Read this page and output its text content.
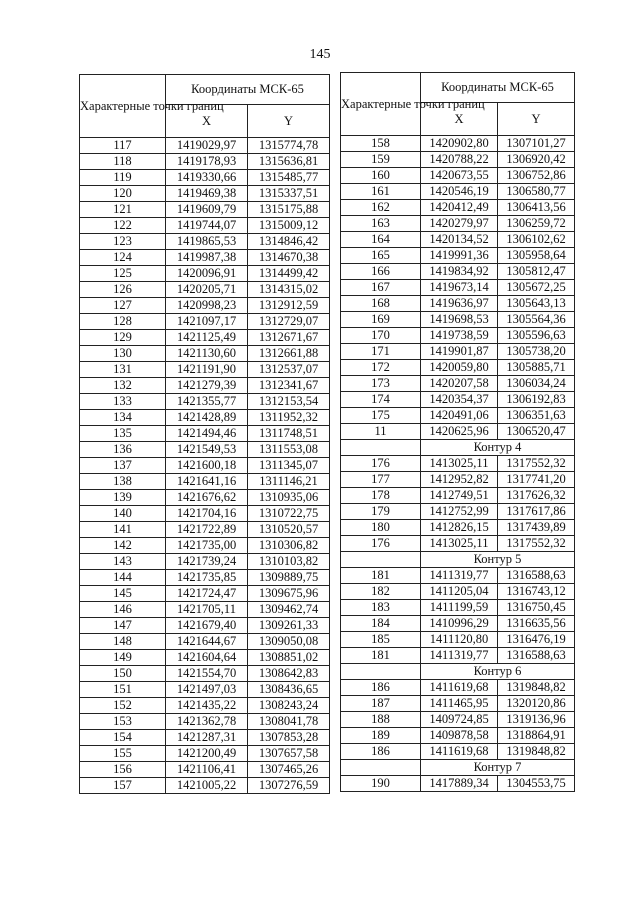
145
Характерные точки границ	Координаты МСК-65	
	X	Y
117	1419029,97	1315774,78
118	1419178,93	1315636,81
119	1419330,66	1315485,77
120	1419469,38	1315337,51
121	1419609,79	1315175,88
122	1419744,07	1315009,12
123	1419865,53	1314846,42
124	1419987,38	1314670,38
125	1420096,91	1314499,42
126	1420205,71	1314315,02
127	1420998,23	1312912,59
128	1421097,17	1312729,07
129	1421125,49	1312671,67
130	1421130,60	1312661,88
131	1421191,90	1312537,07
132	1421279,39	1312341,67
133	1421355,77	1312153,54
134	1421428,89	1311952,32
135	1421494,46	1311748,51
136	1421549,53	1311553,08
137	1421600,18	1311345,07
138	1421641,16	1311146,21
139	1421676,62	1310935,06
140	1421704,16	1310722,75
141	1421722,89	1310520,57
142	1421735,00	1310306,82
143	1421739,24	1310103,82
144	1421735,85	1309889,75
145	1421724,47	1309675,96
146	1421705,11	1309462,74
147	1421679,40	1309261,33
148	1421644,67	1309050,08
149	1421604,64	1308851,02
150	1421554,70	1308642,83
151	1421497,03	1308436,65
152	1421435,22	1308243,24
153	1421362,78	1308041,78
154	1421287,31	1307853,28
155	1421200,49	1307657,58
156	1421106,41	1307465,26
157	1421005,22	1307276,59
Характерные точки границ	Координаты МСК-65	
	X	Y
158	1420902,80	1307101,27
159	1420788,22	1306920,42
160	1420673,55	1306752,86
161	1420546,19	1306580,77
162	1420412,49	1306413,56
163	1420279,97	1306259,72
164	1420134,52	1306102,62
165	1419991,36	1305958,64
166	1419834,92	1305812,47
167	1419673,14	1305672,25
168	1419636,97	1305643,13
169	1419698,53	1305564,36
170	1419738,59	1305596,63
171	1419901,87	1305738,20
172	1420059,80	1305885,71
173	1420207,58	1306034,24
174	1420354,37	1306192,83
175	1420491,06	1306351,63
11	1420625,96	1306520,47
	Контур 4	
176	1413025,11	1317552,32
177	1412952,82	1317741,20
178	1412749,51	1317626,32
179	1412752,99	1317617,86
180	1412826,15	1317439,89
176	1413025,11	1317552,32
	Контур 5	
181	1411319,77	1316588,63
182	1411205,04	1316743,12
183	1411199,59	1316750,45
184	1410996,29	1316635,56
185	1411120,80	1316476,19
181	1411319,77	1316588,63
	Контур 6	
186	1411619,68	1319848,82
187	1411465,95	1320120,86
188	1409724,85	1319136,96
189	1409878,58	1318864,91
186	1411619,68	1319848,82
	Контур 7	
190	1417889,34	1304553,75
